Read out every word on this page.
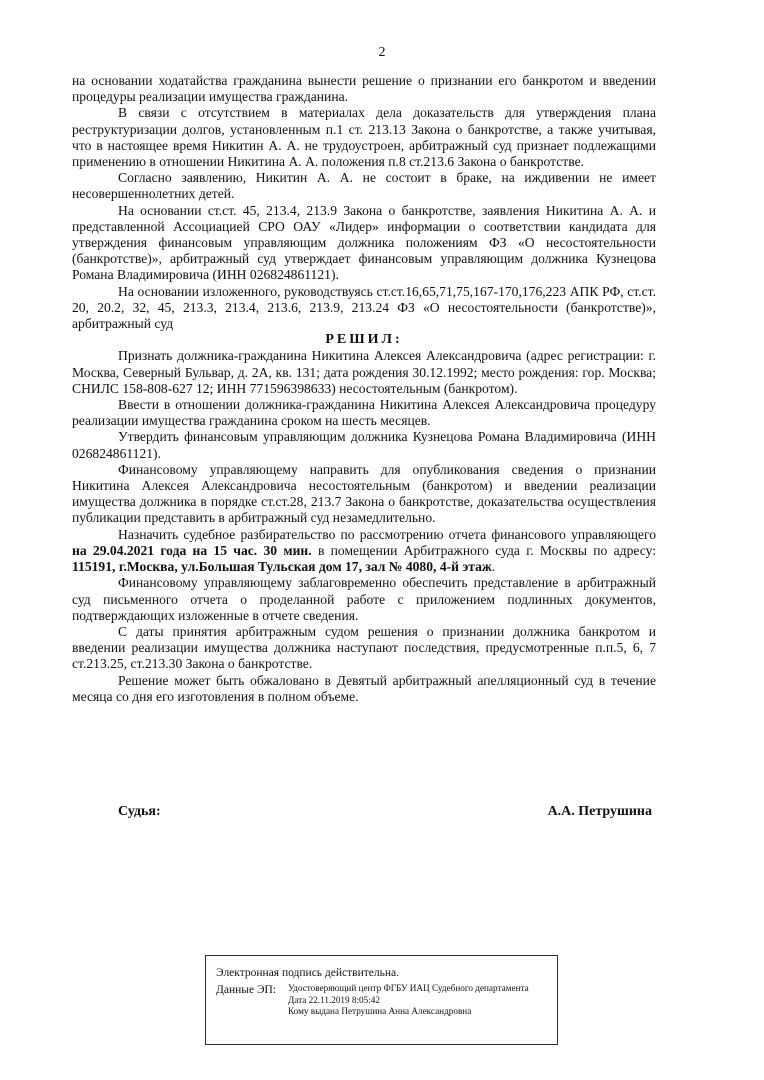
2

на основании ходатайства гражданина вынести решение о признании его банкротом и введении процедуры реализации имущества гражданина.

В связи с отсутствием в материалах дела доказательств для утверждения плана реструктуризации долгов, установленным п.1 ст. 213.13 Закона о банкротстве, а также учитывая, что в настоящее время Никитин А. А. не трудоустроен, арбитражный суд признает подлежащими применению в отношении Никитина А. А. положения п.8 ст.213.6 Закона о банкротстве.

Согласно заявлению, Никитин А. А. не состоит в браке, на иждивении не имеет несовершеннолетних детей.

На основании ст.ст. 45, 213.4, 213.9 Закона о банкротстве, заявления Никитина А. А. и представленной Ассоциацией СРО ОАУ «Лидер» информации о соответствии кандидата для утверждения финансовым управляющим должника положениям ФЗ «О несостоятельности (банкротстве)», арбитражный суд утверждает финансовым управляющим должника Кузнецова Романа Владимировича (ИНН 026824861121).

На основании изложенного, руководствуясь ст.ст.16,65,71,75,167-170,176,223 АПК РФ, ст.ст. 20, 20.2, 32, 45, 213.3, 213.4, 213.6, 213.9, 213.24 ФЗ «О несостоятельности (банкротстве)», арбитражный суд

РЕШИЛ:

Признать должника-гражданина Никитина Алексея Александровича (адрес регистрации: г. Москва, Северный Бульвар, д. 2А, кв. 131; дата рождения 30.12.1992; место рождения: гор. Москва; СНИЛС 158-808-627 12; ИНН 771596398633) несостоятельным (банкротом).

Ввести в отношении должника-гражданина Никитина Алексея Александровича процедуру реализации имущества гражданина сроком на шесть месяцев.

Утвердить финансовым управляющим должника Кузнецова Романа Владимировича (ИНН 026824861121).

Финансовому управляющему направить для опубликования сведения о признании Никитина Алексея Александровича несостоятельным (банкротом) и введении реализации имущества должника в порядке ст.ст.28, 213.7 Закона о банкротстве, доказательства осуществления публикации представить в арбитражный суд незамедлительно.

Назначить судебное разбирательство по рассмотрению отчета финансового управляющего на 29.04.2021 года на 15 час. 30 мин. в помещении Арбитражного суда г. Москвы по адресу: 115191, г.Москва, ул.Большая Тульская дом 17, зал № 4080, 4-й этаж.

Финансовому управляющему заблаговременно обеспечить представление в арбитражный суд письменного отчета о проделанной работе с приложением подлинных документов, подтверждающих изложенные в отчете сведения.

С даты принятия арбитражным судом решения о признании должника банкротом и введении реализации имущества должника наступают последствия, предусмотренные п.п.5, 6, 7 ст.213.25, ст.213.30 Закона о банкротстве.

Решение может быть обжаловано в Девятый арбитражный апелляционный суд в течение месяца со дня его изготовления в полном объеме.

Судья:	А.А. Петрушина
Электронная подпись действительна.
Данные ЭП: Удостоверяющий центр ФГБУ ИАЦ Судебного департамента
Дата 22.11.2019 8:05:42
Кому выдана Петрушина Анна Александровна
